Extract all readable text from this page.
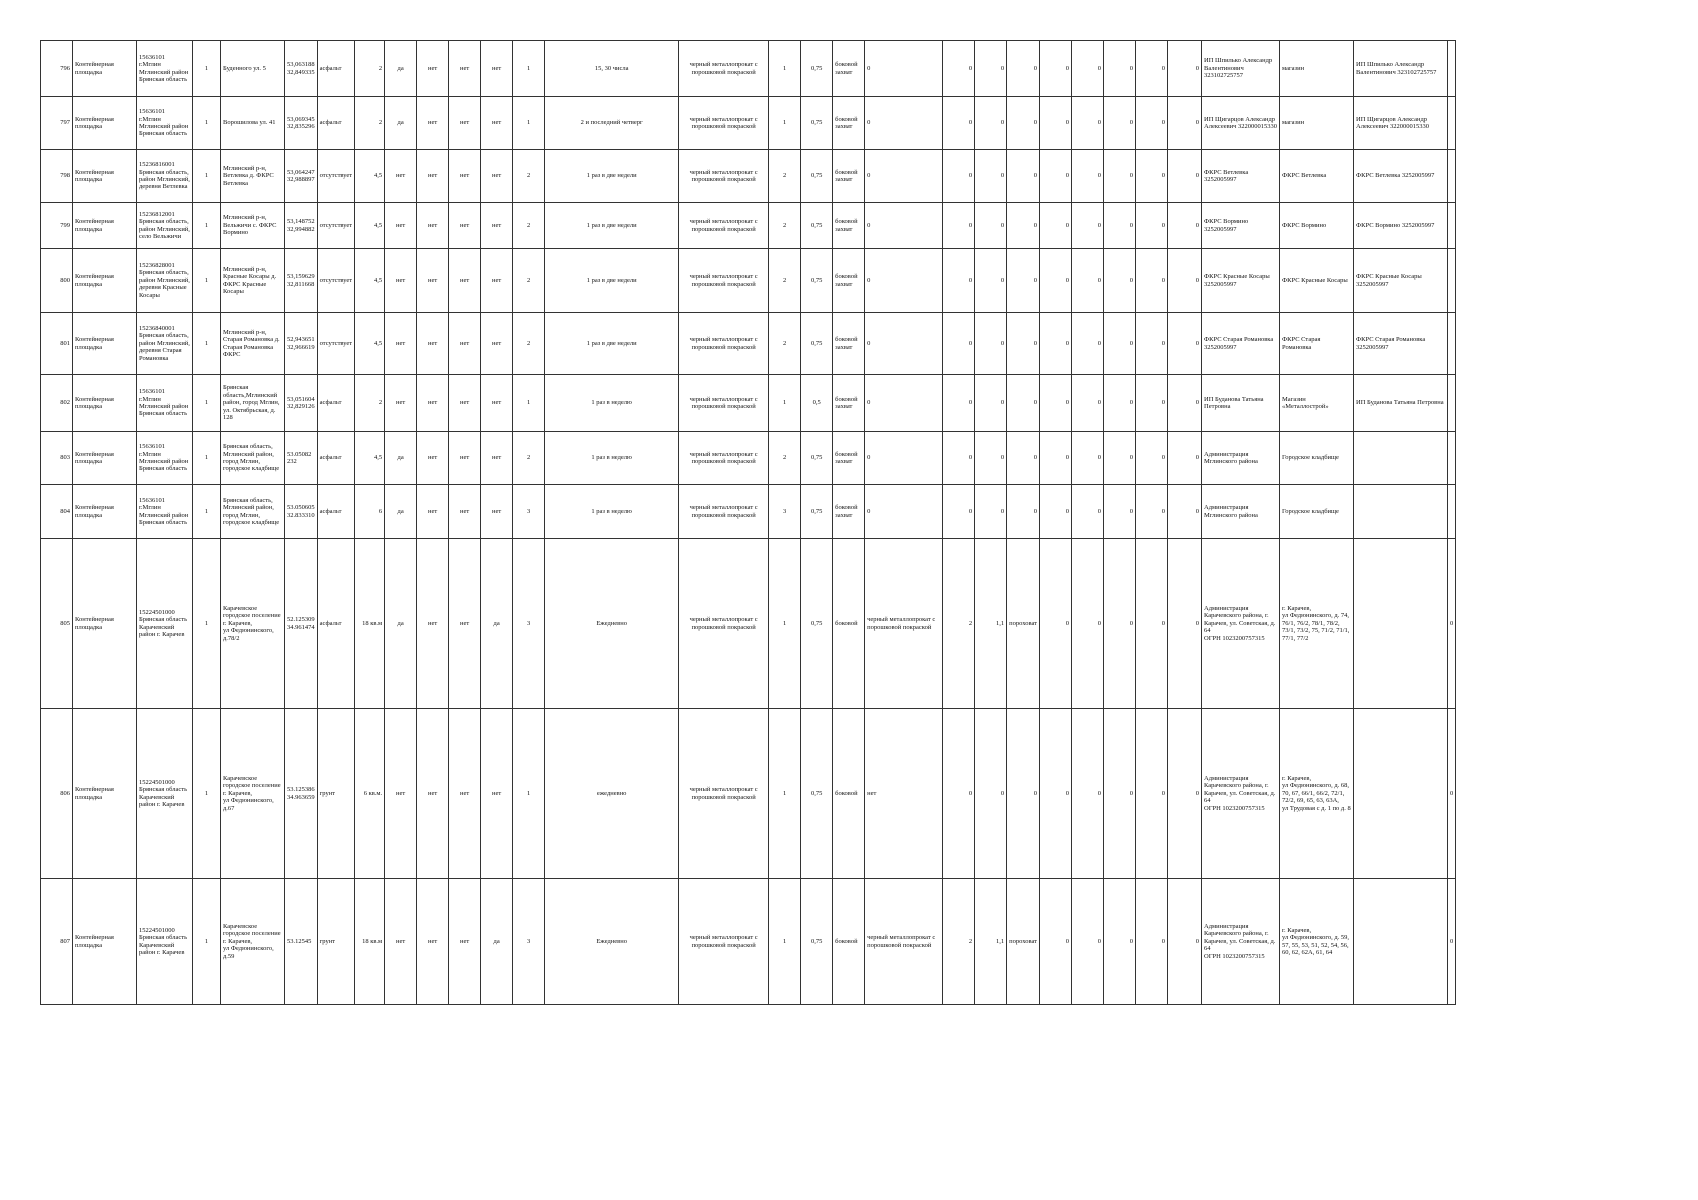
796	Контейнерная площадка	15636101
г.Мглин
Мглинский район Брянская область	1	Буденного ул. 5	53,063188
32,849335	асфальт	2	да	нет	нет	нет	1	15, 30 числа	черный металлопрокат с порошковой покраской	1	0,75	боковой захват	0	0	0	0	0	0	0	0	0	ИП Шпилько Александр Валентинович 323102725757	магазин	ИП Шпилько Александр Валентинович 323102725757	
797	Контейнерная площадка	15636101
г.Мглин
Мглинский район Брянская область	1	Ворошилова ул. 41	53,069345
32,835296	асфальт	2	да	нет	нет	нет	1	2 и последний четверг	черный металлопрокат с порошковой покраской	1	0,75	боковой захват	0	0	0	0	0	0	0	0	0	ИП Щигарцов Александр Алексеевич 322000015330	магазин	ИП Щигарцов Александр Алексеевич 322000015330	
798	Контейнерная площадка	15236816001
Брянская область, район Мглинский, деревня Ветлевка	1	Мглинский р-н, Ветлевка д. ФКРС Ветлевка	53,064247
32,988897	отсутствует	4,5	нет	нет	нет	нет	2	1 раз в две недели	черный металлопрокат с порошковой покраской	2	0,75	боковой захват	0	0	0	0	0	0	0	0	0	ФКРС Ветлевка 3252005997	ФКРС Ветлевка	ФКРС Ветлевка 3252005997	
799	Контейнерная площадка	15236812001
Брянская область, район Мглинский, село Вельжичи	1	Мглинский р-н, Вельжичи с. ФКРС Вормино	53,148752
32,994882	отсутствует	4,5	нет	нет	нет	нет	2	1 раз в две недели	черный металлопрокат с порошковой покраской	2	0,75	боковой захват	0	0	0	0	0	0	0	0	0	ФКРС Вормино 3252005997	ФКРС Вормино	ФКРС Вормино 3252005997	
800	Контейнерная площадка	15236828001
Брянская область, район Мглинский, деревня Красные Косары	1	Мглинский р-н, Красные Косары д. ФКРС Красные Косары	53,159629
32,811668	отсутствует	4,5	нет	нет	нет	нет	2	1 раз в две недели	черный металлопрокат с порошковой покраской	2	0,75	боковой захват	0	0	0	0	0	0	0	0	0	ФКРС Красные Косары 3252005997	ФКРС Красные Косары	ФКРС Красные Косары 3252005997	
801	Контейнерная площадка	15236840001
Брянская область, район Мглинский, деревня Старая Романовка	1	Мглинский р-н, Старая Романовка д. Старая Романовка ФКРС	52,943651
32,966619	отсутствует	4,5	нет	нет	нет	нет	2	1 раз в две недели	черный металлопрокат с порошковой покраской	2	0,75	боковой захват	0	0	0	0	0	0	0	0	0	ФКРС Старая Романовка 3252005997	ФКРС Старая Романовка	ФКРС Старая Романовка 3252005997	
802	Контейнерная площадка	15636101
г.Мглин
Мглинский район Брянская область	1	Брянская область,Мглинский район, город Мглин, ул. Октябрьская, д. 128	53,051604
32,829126	асфальт	2	нет	нет	нет	нет	1	1 раз в неделю	черный металлопрокат с порошковой покраской	1	0,5	боковой захват	0	0	0	0	0	0	0	0	0	ИП Буданова Татьяна Петровна	Магазин «Металлострой»	ИП Буданова Татьяна Петровна	
803	Контейнерная площадка	15636101
г.Мглин
Мглинский район Брянская область	1	Брянская область, Мглинский район, город Мглин, городское кладбище	53.05082
232	асфальт	4,5	да	нет	нет	нет	2	1 раз в неделю	черный металлопрокат с порошковой покраской	2	0,75	боковой захват	0	0	0	0	0	0	0	0	0	Администрация Мглинского района	Городское кладбище		
804	Контейнерная площадка	15636101
г.Мглин
Мглинский район Брянская область	1	Брянская область, Мглинский район, город Мглин, городское кладбище	53.050605
32.833310	асфальт	6	да	нет	нет	нет	3	1 раз в неделю	черный металлопрокат с порошковой покраской	3	0,75	боковой захват	0	0	0	0	0	0	0	0	0	Администрация Мглинского района	Городское кладбище		
805	Контейнерная площадка	15224501000
Брянская область
Карачевский район г. Карачев	1	Карачевское городское поселение
г. Карачев,
ул Федюнинского, д.78/2	52.125309
34.961474	асфальт	18 кв.м	да	нет	нет	да	3	Ежедневно	черный металлопрокат с порошковой покраской	1	0,75	боковой	черный металлопрокат с порошковой покраской	2	1,1	пороховат	0	0	0	0	0	Администрация Карачевского района, г. Карачев, ул. Советская, д. 64
ОГРН 1023200757315	г. Карачев,
ул Федюнинского, д. 74, 76/1, 76/2, 78/1, 78/2, 73/1, 73/2, 75, 71/2, 71/1, 77/1, 77/2		0
806	Контейнерная площадка	15224501000
Брянская область
Карачевский район г. Карачев	1	Карачевское городское поселение
г. Карачев,
ул Федюнинского, д.67	53.125386
34.963659	грунт	6 кв.м.	нет	нет	нет	нет	1	ежедневно	черный металлопрокат с порошковой покраской	1	0,75	боковой	нет	0	0	0	0	0	0	0	0	Администрация Карачевского района, г. Карачев, ул. Советская, д. 64
ОГРН 1023200757315	г. Карачев,
ул Федюнинского, д. 68, 70, 67, 66/1, 66/2, 72/1, 72/2, 69, 65, 63, 63А,
ул Трудовая с д. 1 по д. 8		0
807	Контейнерная площадка	15224501000
Брянская область
Карачевский район г. Карачев	1	Карачевское городское поселение
г. Карачев,
ул Федюнинского, д.59	53.12545	грунт	18 кв.м	нет	нет	нет	да	3	Ежедневно	черный металлопрокат с порошковой покраской	1	0,75	боковой	черный металлопрокат с порошковой покраской	2	1,1	пороховат	0	0	0	0	0	Администрация Карачевского района, г. Карачев, ул. Советская, д. 64
ОГРН 1023200757315	г. Карачев,
ул Федюнинского, д. 59, 57, 55, 53, 51, 52, 54, 56, 60, 62, 62А, 61, 64		0
